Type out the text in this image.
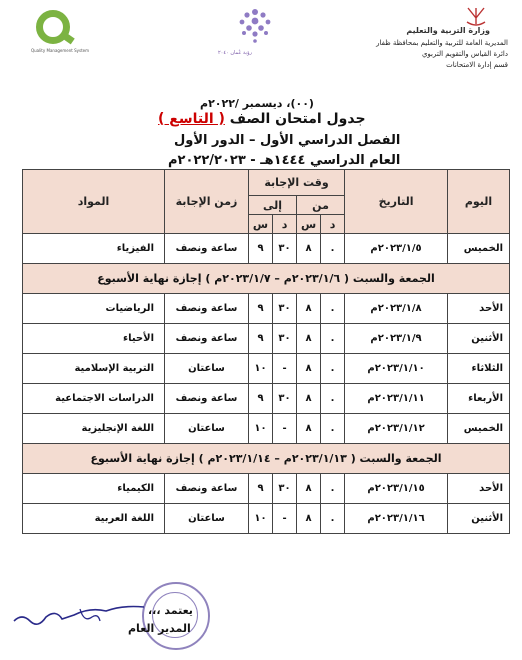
Quality Management System	رؤية عُمان ٢٠٤٠
وزارة التربية والتعليم
المديرية العامة للتربية والتعليم بمحافظة ظفار
دائرة القياس والتقويم التربوي
قسم إدارة الامتحانات
(٠٠)، ديسمبر /٢٠٢٢م
جدول امتحان الصف ( التاسع )
الفصل الدراسي الأول – الدور الأول
العام الدراسي ١٤٤٤هـ - ٢٠٢٢/٢٠٢٣م
اليوم	التاريخ	وقت الإجابة				زمن الإجابة	المواد
		من		إلى			
		د	س	د	س		
الخميس	٢٠٢٣/١/٥م	.	٨	٣٠	٩	ساعة ونصف	الفيزياء
الجمعة والسبت ( ٢٠٢٣/١/٦م – ٢٠٢٣/١/٧م ) إجازة نهاية الأسبوع							
الأحد	٢٠٢٣/١/٨م	.	٨	٣٠	٩	ساعة ونصف	الرياضيات
الأثنين	٢٠٢٣/١/٩م	.	٨	٣٠	٩	ساعة ونصف	الأحياء
الثلاثاء	٢٠٢٣/١/١٠م	.	٨	-	١٠	ساعتان	التربية الإسلامية
الأربعاء	٢٠٢٣/١/١١م	.	٨	٣٠	٩	ساعة ونصف	الدراسات الاجتماعية
الخميس	٢٠٢٣/١/١٢م	.	٨	-	١٠	ساعتان	اللغة الإنجليزية
الجمعة والسبت ( ٢٠٢٣/١/١٣م – ٢٠٢٣/١/١٤م ) إجازة نهاية الأسبوع							
الأحد	٢٠٢٣/١/١٥م	.	٨	٣٠	٩	ساعة ونصف	الكيمياء
الأثنين	٢٠٢٣/١/١٦م	.	٨	-	١٠	ساعتان	اللغة العربية
يعتمد ،،،
المدير العام
